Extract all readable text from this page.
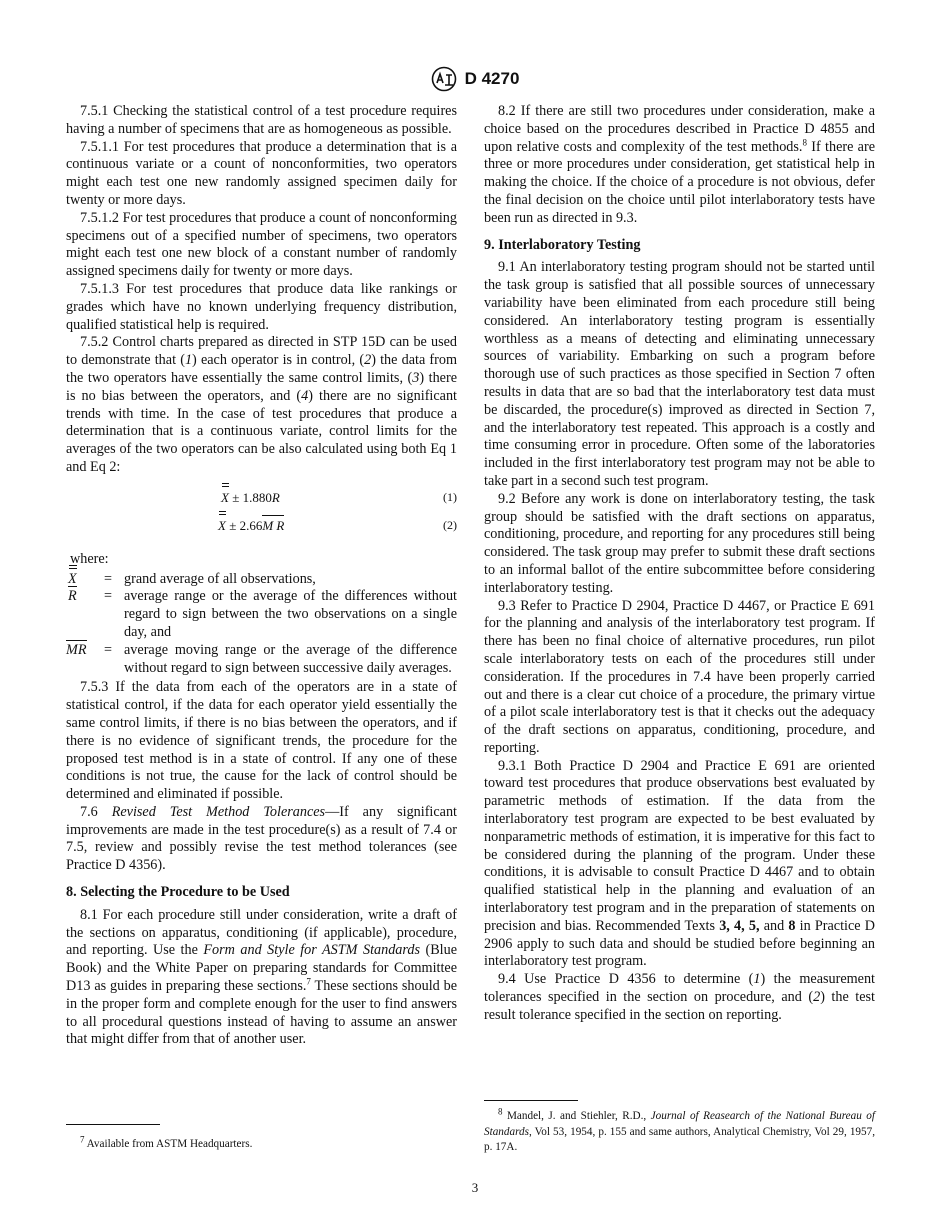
D 4270

7.5.1 Checking the statistical control of a test procedure requires having a number of specimens that are as homogeneous as possible.

7.5.1.1 For test procedures that produce a determination that is a continuous variate or a count of nonconformities, two operators might each test one new randomly assigned specimen daily for twenty or more days.

7.5.1.2 For test procedures that produce a count of nonconforming specimens out of a specified number of specimens, two operators might each test one new block of a constant number of randomly assigned specimens daily for twenty or more days.

7.5.1.3 For test procedures that produce data like rankings or grades which have no known underlying frequency distribution, qualified statistical help is required.

7.5.2 Control charts prepared as directed in STP 15D can be used to demonstrate that (1) each operator is in control, (2) the data from the two operators have essentially the same control limits, (3) there is no bias between the operators, and (4) there are no significant trends with time. In the case of test procedures that produce a determination that is a continuous variate, control limits for the averages of the two operators can be also calculated using both Eq 1 and Eq 2:

X ± 1.880R	(1)
X ± 2.66M R	(2)
where:
X	=	grand average of all observations,
R	=	average range or the average of the differences without regard to sign between the two observations on a single day, and
MR	=	average moving range or the average of the difference without regard to sign between successive daily averages.

7.5.3 If the data from each of the operators are in a state of statistical control, if the data for each operator yield essentially the same control limits, if there is no bias between the operators, and if there is no evidence of significant trends, the procedure for the proposed test method is in a state of control. If any one of these conditions is not true, the cause for the lack of control should be determined and eliminated if possible.

7.6 Revised Test Method Tolerances—If any significant improvements are made in the test procedure(s) as a result of 7.4 or 7.5, review and possibly revise the test method tolerances (see Practice D 4356).

8. Selecting the Procedure to be Used

8.1 For each procedure still under consideration, write a draft of the sections on apparatus, conditioning (if applicable), procedure, and reporting. Use the Form and Style for ASTM Standards (Blue Book) and the White Paper on preparing standards for Committee D13 as guides in preparing these sections.$^7$ These sections should be in the proper form and complete enough for the user to find answers to all procedural questions instead of having to assume an answer that might differ from that of another user.

8.2 If there are still two procedures under consideration, make a choice based on the procedures described in Practice D 4855 and upon relative costs and complexity of the test methods.$^8$ If there are three or more procedures under consideration, get statistical help in making the choice. If the choice of a procedure is not obvious, defer the final decision on the choice until pilot interlaboratory tests have been run as directed in 9.3.

9. Interlaboratory Testing

9.1 An interlaboratory testing program should not be started until the task group is satisfied that all possible sources of unnecessary variability have been eliminated from each procedure still being considered. An interlaboratory testing program is essentially worthless as a means of detecting and eliminating unnecessary sources of variability. Embarking on such a program before thorough use of such practices as those specified in Section 7 often results in data that are so bad that the interlaboratory test data must be discarded, the procedure(s) improved as directed in Section 7, and the interlaboratory test repeated. This approach is a costly and time consuming error in procedure. Often some of the laboratories included in the first interlaboratory test program may not be able to take part in a second such test program.

9.2 Before any work is done on interlaboratory testing, the task group should be satisfied with the draft sections on apparatus, conditioning, procedure, and reporting for any procedures still being considered. The task group may prefer to submit these draft sections to an informal ballot of the entire subcommittee before considering interlaboratory testing.

9.3 Refer to Practice D 2904, Practice D 4467, or Practice E 691 for the planning and analysis of the interlaboratory test program. If there has been no final choice of alternative procedures, run pilot scale interlaboratory tests on each of the procedures still under consideration. If the procedures in 7.4 have been properly carried out and there is a clear cut choice of a procedure, the primary virtue of a pilot scale interlaboratory test is that it checks out the adequacy of the draft sections on apparatus, conditioning, procedure, and reporting.

9.3.1 Both Practice D 2904 and Practice E 691 are oriented toward test procedures that produce observations best evaluated by parametric methods of estimation. If the data from the interlaboratory test program are expected to be best evaluated by nonparametric methods of estimation, it is imperative for this fact to be considered during the planning of the program. Under these conditions, it is advisable to consult Practice D 4467 and to obtain qualified statistical help in the planning and evaluation of an interlaboratory test program and in the preparation of statements on precision and bias. Recommended Texts 3, 4, 5, and 8 in Practice D 2906 apply to such data and should be studied before beginning an interlaboratory test program.

9.4 Use Practice D 4356 to determine (1) the measurement tolerances specified in the section on procedure, and (2) the test result tolerance specified in the section on reporting.

$^7$ Available from ASTM Headquarters.

$^8$ Mandel, J. and Stiehler, R.D., Journal of Reasearch of the National Bureau of Standards, Vol 53, 1954, p. 155 and same authors, Analytical Chemistry, Vol 29, 1957, p. 17A.

3
